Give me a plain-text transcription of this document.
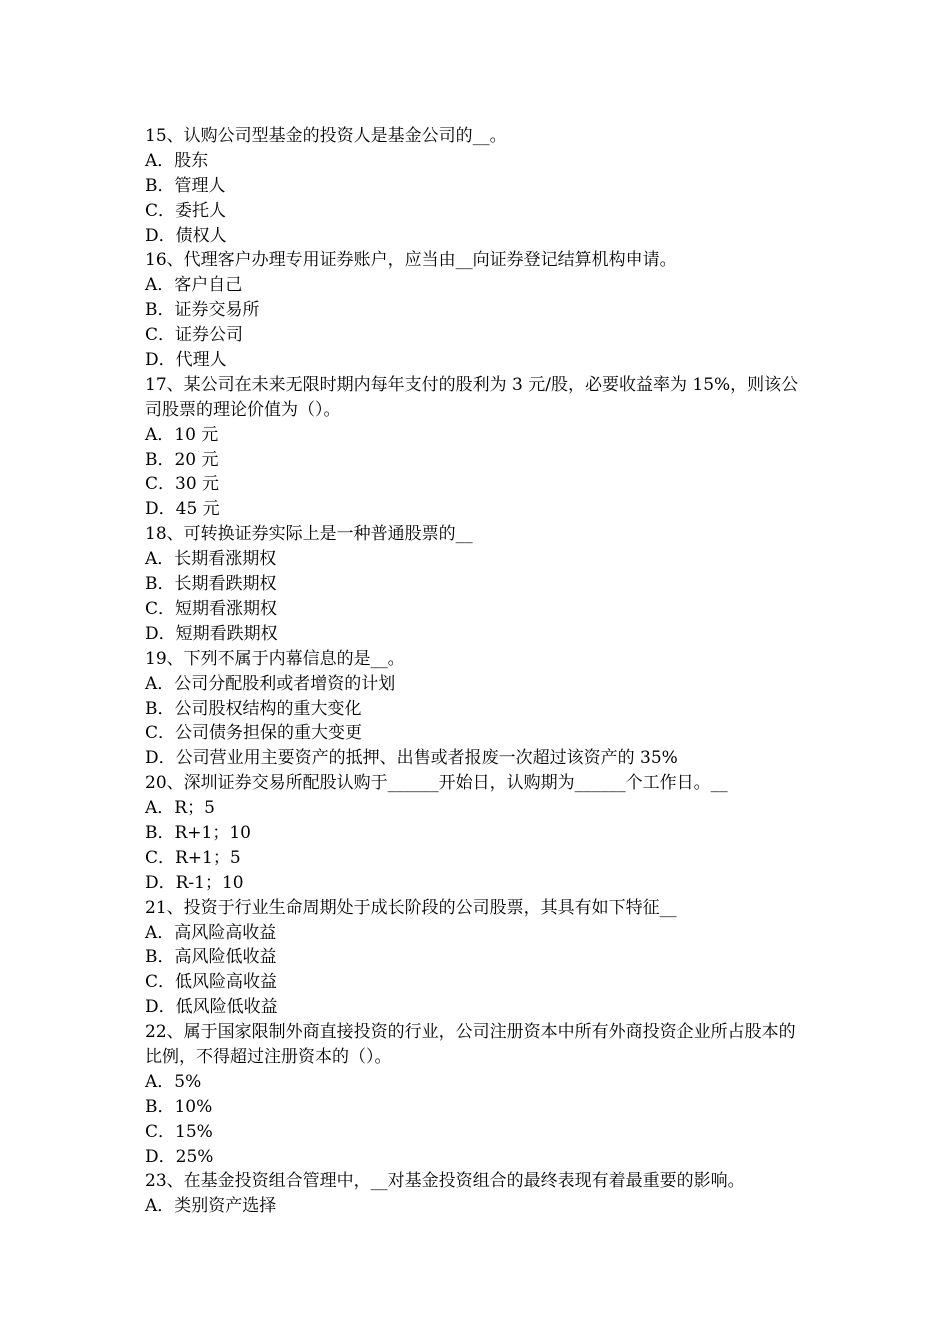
15、认购公司型基金的投资人是基金公司的__。
A．股东
B．管理人
C．委托人
D．债权人
16、代理客户办理专用证券账户，应当由__向证券登记结算机构申请。
A．客户自己
B．证券交易所
C．证券公司
D．代理人
17、某公司在未来无限时期内每年支付的股利为 3 元/股，必要收益率为 15%，则该公司股票的理论价值为（）。
A．10 元
B．20 元
C．30 元
D．45 元
18、可转换证券实际上是一种普通股票的__
A．长期看涨期权
B．长期看跌期权
C．短期看涨期权
D．短期看跌期权
19、下列不属于内幕信息的是__。
A．公司分配股利或者增资的计划
B．公司股权结构的重大变化
C．公司债务担保的重大变更
D．公司营业用主要资产的抵押、出售或者报废一次超过该资产的 35%
20、深圳证券交易所配股认购于______开始日，认购期为______个工作日。__
A．R；5
B．R+1；10
C．R+1；5
D．R-1；10
21、投资于行业生命周期处于成长阶段的公司股票，其具有如下特征__
A．高风险高收益
B．高风险低收益
C．低风险高收益
D．低风险低收益
22、属于国家限制外商直接投资的行业，公司注册资本中所有外商投资企业所占股本的比例，不得超过注册资本的（）。
A．5%
B．10%
C．15%
D．25%
23、在基金投资组合管理中，__对基金投资组合的最终表现有着最重要的影响。
A．类别资产选择
